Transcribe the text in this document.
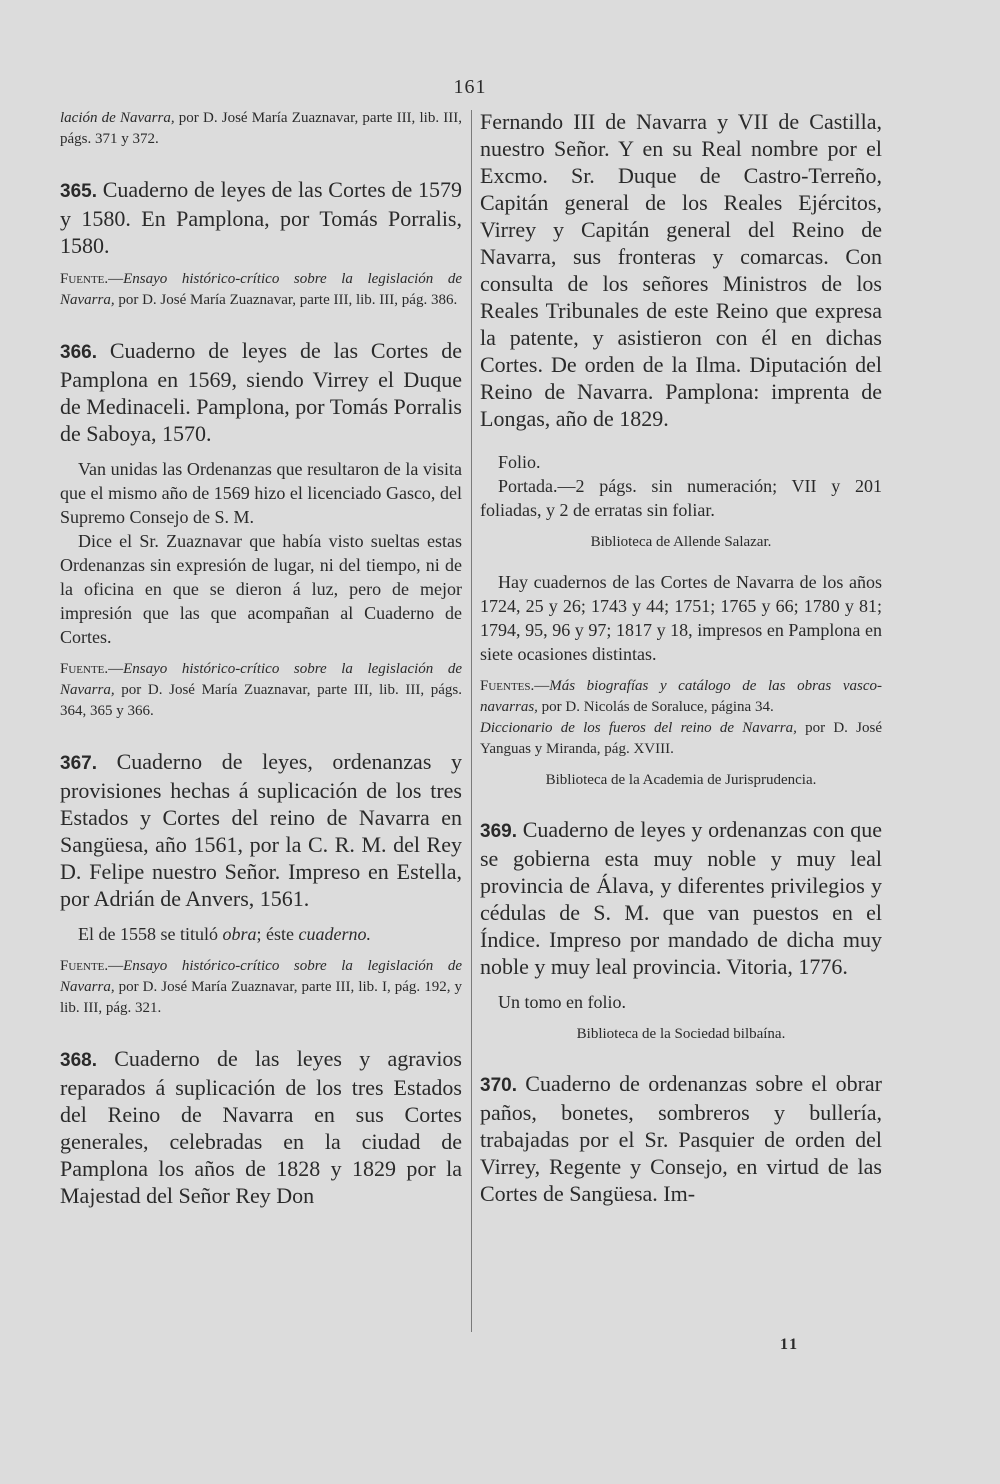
161

lación de Navarra, por D. José María Zuaznavar, parte III, lib. III, págs. 371 y 372.

365. Cuaderno de leyes de las Cortes de 1579 y 1580. En Pamplona, por Tomás Porralis, 1580.

Fuente.—Ensayo histórico-crítico sobre la legislación de Navarra, por D. José María Zuaznavar, parte III, lib. III, pág. 386.

366. Cuaderno de leyes de las Cortes de Pamplona en 1569, siendo Virrey el Duque de Medinaceli. Pamplona, por Tomás Porralis de Saboya, 1570.

Van unidas las Ordenanzas que resultaron de la visita que el mismo año de 1569 hizo el licenciado Gasco, del Supremo Consejo de S. M.

Dice el Sr. Zuaznavar que había visto sueltas estas Ordenanzas sin expresión de lugar, ni del tiempo, ni de la oficina en que se dieron á luz, pero de mejor impresión que las que acompañan al Cuaderno de Cortes.

Fuente.—Ensayo histórico-crítico sobre la legislación de Navarra, por D. José María Zuaznavar, parte III, lib. III, págs. 364, 365 y 366.

367. Cuaderno de leyes, ordenanzas y provisiones hechas á suplicación de los tres Estados y Cortes del reino de Navarra en Sangüesa, año 1561, por la C. R. M. del Rey D. Felipe nuestro Señor. Impreso en Estella, por Adrián de Anvers, 1561.

El de 1558 se tituló obra; éste cuaderno.

Fuente.—Ensayo histórico-crítico sobre la legislación de Navarra, por D. José María Zuaznavar, parte III, lib. I, pág. 192, y lib. III, pág. 321.

368. Cuaderno de las leyes y agravios reparados á suplicación de los tres Estados del Reino de Navarra en sus Cortes generales, celebradas en la ciudad de Pamplona los años de 1828 y 1829 por la Majestad del Señor Rey Don

Fernando III de Navarra y VII de Castilla, nuestro Señor. Y en su Real nombre por el Excmo. Sr. Duque de Castro-Terreño, Capitán general de los Reales Ejércitos, Virrey y Capitán general del Reino de Navarra, sus fronteras y comarcas. Con consulta de los señores Ministros de los Reales Tribunales de este Reino que expresa la patente, y asistieron con él en dichas Cortes. De orden de la Ilma. Diputación del Reino de Navarra. Pamplona: imprenta de Longas, año de 1829.

Folio.

Portada.—2 págs. sin numeración; VII y 201 foliadas, y 2 de erratas sin foliar.

Biblioteca de Allende Salazar.

Hay cuadernos de las Cortes de Navarra de los años 1724, 25 y 26; 1743 y 44; 1751; 1765 y 66; 1780 y 81; 1794, 95, 96 y 97; 1817 y 18, impresos en Pamplona en siete ocasiones distintas.

Fuentes.—Más biografías y catálogo de las obras vasco-navarras, por D. Nicolás de Soraluce, página 34.
Diccionario de los fueros del reino de Navarra, por D. José Yanguas y Miranda, pág. XVIII.

Biblioteca de la Academia de Jurisprudencia.

369. Cuaderno de leyes y ordenanzas con que se gobierna esta muy noble y muy leal provincia de Álava, y diferentes privilegios y cédulas de S. M. que van puestos en el Índice. Impreso por mandado de dicha muy noble y muy leal provincia. Vitoria, 1776.

Un tomo en folio.

Biblioteca de la Sociedad bilbaína.

370. Cuaderno de ordenanzas sobre el obrar paños, bonetes, sombreros y bullería, trabajadas por el Sr. Pasquier de orden del Virrey, Regente y Consejo, en virtud de las Cortes de Sangüesa. Im-

11
